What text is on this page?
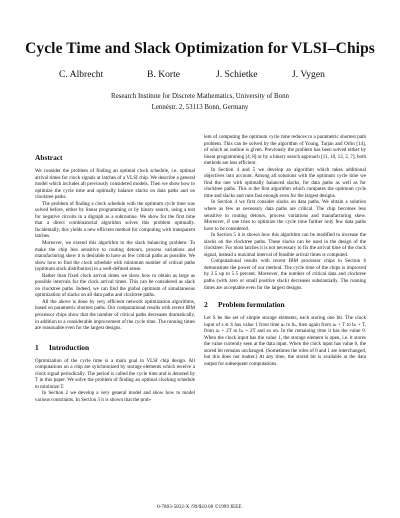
Cycle Time and Slack Optimization for VLSI–Chips
C. Albrecht	B. Korte	J. Schietke	J. Vygen
Research Institute for Discrete Mathematics, University of Bonn
Lennéstr. 2, 53113 Bonn, Germany
Abstract

We consider the problem of finding an optimal clock schedule, i.e. optimal arrival times for clock signals at latches of a VLSI chip. We describe a general model which includes all previously considered models. Then we show how to optimize the cycle time and optimally balance slacks on data paths and on clocktree paths.

The problem of finding a clock schedule with the optimum cycle time was solved before, either by linear programming or by binary search, using a test for negative circuits in a digraph as a subroutine. We show for the first time that a direct combinatorial algorithm solves this problem optimally. Incidentally, this yields a new efficient method for computing with transparent latches.

Moreover, we extend this algorithm to the slack balancing problem: To make the chip less sensitive to routing detours, process variations and manufacturing skew it is desirable to have as few critical paths as possible. We show how to find the clock schedule with minimum number of critical paths (optimum slack distribution) in a well-defined sense.

Rather than fixed clock arrival times we show how to obtain as large as possible intervals for the clock arrival times. This can be considered as slack on clocktree paths. Indeed, we can find the global optimum of simultaneous optimization of slacks on all data paths and clocktree paths.

All the above is done by very efficient network optimization algorithms, based on parametric shortest paths. Our computational results with recent IBM processor chips show that the number of critical paths decreases dramatically, in addition to a considerable improvement of the cycle time. The running times are reasonable even for the largest designs.

1 Introduction

Optimization of the cycle time is a main goal in VLSI chip design. All computations on a chip are synchronized by storage elements which receive a clock signal periodically. The period is called the cycle time and is denoted by T in this paper. We solve the problem of finding an optimal clocking schedule to minimize T.

In Section 2 we develop a very general model and show how to model various constraints. In Section 3 it is shown that the prob-

lem of computing the optimum cycle time reduces to a parametric shortest path problem. This can be solved by the algorithm of Young, Tarjan and Orlin [14], of which an outline is given. Previously the problem has been solved either by linear programming [4, 8] or by a binary search approach [11, 10, 12, 2, 7], both methods are less efficient.

In Section 4 and 5 we develop an algorithm which takes additional objectives into account. Among all solutions with the optimum cycle time we find the one with optimally balanced slacks, for data paths as well as for clocktree paths. This is the first algorithm which computes the optimum cycle time and slacks and runs fast enough even for the largest designs.

In Section 4 we first consider slacks on data paths. We obtain a solution where as few as necessary data paths are critical. The chip becomes less sensitive to routing detours, process variations and manufacturing skew. Moreover, if one tries to optimize the cycle time further only few data paths have to be considered.

In Section 5 it is shown how this algorithm can be modified to increase the slacks on the clocktree paths. These slacks can be used in the design of the clocktree: For most latches it is not necessary to fix the arrival time of the clock signal, instead a maximal interval of feasible arrival times is computed.

Computational results with recent IBM processor chips in Section 6 demonstrate the power of our method. The cycle time of the chips is improved by 2.5 up to 5.5 percent. Moreover, the number of critical data and clocktree paths (with zero or small positive slack) decreases substantially. The running times are acceptable even for the largest designs.

2 Problem formulation

Let S be the set of simple storage elements, each storing one bit. The clock input of s ∈ S has value 1 from time aₛ to bₛ, then again from aₛ + T to bₛ + T, from aₛ + 2T to bₛ + 2T and so on. In the remaining time it has the value 0. When the clock input has the value 1, the storage element is open, i.e. it stores the value currently seen at the data input. When the clock input has value 0, the stored bit remains unchanged. (Sometimes the roles of 0 and 1 are interchanged, but this does not matter.) At any time, the stored bit is available at the data output for subsequent computations.

0-7803-5832-X /99/$10.00 ©1999 IEEE.
